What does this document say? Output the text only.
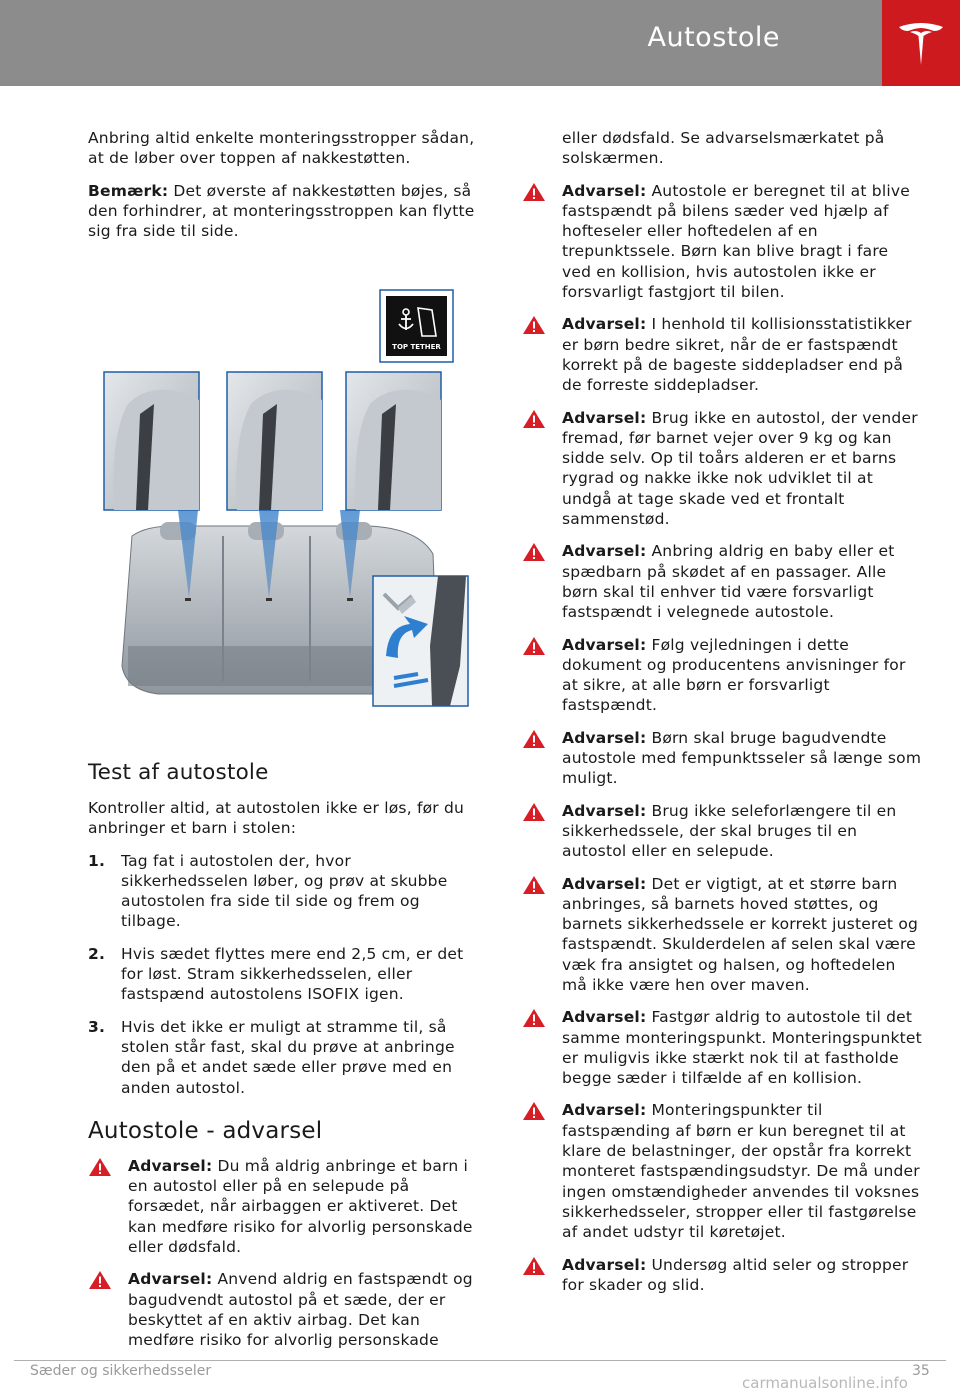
Autostole

Anbring altid enkelte monteringsstropper sådan, at de løber over toppen af nakkestøtten.

Bemærk: Det øverste af nakkestøtten bøjes, så den forhindrer, at monteringsstroppen kan flytte sig fra side til side.

TOP TETHER
Test af autostole

Kontroller altid, at autostolen ikke er løs, før du anbringer et barn i stolen:

1. Tag fat i autostolen der, hvor sikkerhedsselen løber, og prøv at skubbe autostolen fra side til side og frem og tilbage.
2. Hvis sædet flyttes mere end 2,5 cm, er det for løst. Stram sikkerhedsselen, eller fastspænd autostolens ISOFIX igen.
3. Hvis det ikke er muligt at stramme til, så stolen står fast, skal du prøve at anbringe den på et andet sæde eller prøve med en anden autostol.
Autostole - advarsel
Advarsel: Du må aldrig anbringe et barn i en autostol eller på en selepude på forsædet, når airbaggen er aktiveret. Det kan medføre risiko for alvorlig personskade eller dødsfald.
Advarsel: Anvend aldrig en fastspændt og bagudvendt autostol på et sæde, der er beskyttet af en aktiv airbag. Det kan medføre risiko for alvorlig personskade

eller dødsfald. Se advarselsmærkatet på solskærmen.

Advarsel: Autostole er beregnet til at blive fastspændt på bilens sæder ved hjælp af hofteseler eller hoftedelen af en trepunktssele. Børn kan blive bragt i fare ved en kollision, hvis autostolen ikke er forsvarligt fastgjort til bilen.
Advarsel: I henhold til kollisionsstatistikker er børn bedre sikret, når de er fastspændt korrekt på de bageste siddepladser end på de forreste siddepladser.
Advarsel: Brug ikke en autostol, der vender fremad, før barnet vejer over 9 kg og kan sidde selv. Op til toårs alderen er et barns rygrad og nakke ikke nok udviklet til at undgå at tage skade ved et frontalt sammenstød.
Advarsel: Anbring aldrig en baby eller et spædbarn på skødet af en passager. Alle børn skal til enhver tid være forsvarligt fastspændt i velegnede autostole.
Advarsel: Følg vejledningen i dette dokument og producentens anvisninger for at sikre, at alle børn er forsvarligt fastspændt.
Advarsel: Børn skal bruge bagudvendte autostole med fempunktsseler så længe som muligt.
Advarsel: Brug ikke seleforlængere til en sikkerhedssele, der skal bruges til en autostol eller en selepude.
Advarsel: Det er vigtigt, at et større barn anbringes, så barnets hoved støttes, og barnets sikkerhedssele er korrekt justeret og fastspændt. Skulderdelen af selen skal være væk fra ansigtet og halsen, og hoftedelen må ikke være hen over maven.
Advarsel: Fastgør aldrig to autostole til det samme monteringspunkt. Monteringspunktet er muligvis ikke stærkt nok til at fastholde begge sæder i tilfælde af en kollision.
Advarsel: Monteringspunkter til fastspænding af børn er kun beregnet til at klare de belastninger, der opstår fra korrekt monteret fastspændingsudstyr. De må under ingen omstændigheder anvendes til voksnes sikkerhedsseler, stropper eller til fastgørelse af andet udstyr til køretøjet.
Advarsel: Undersøg altid seler og stropper for skader og slid.
Sæder og sikkerhedsseler	35
carmanualsonline.info
